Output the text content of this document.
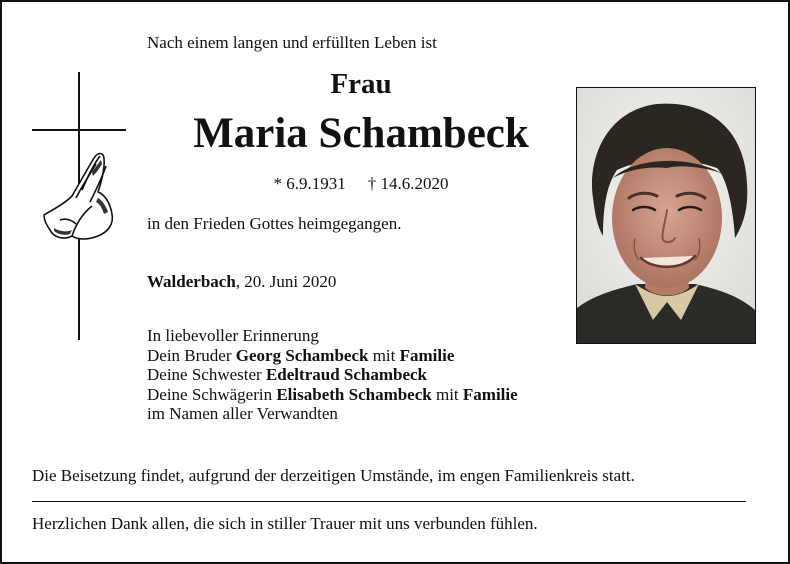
Nach einem langen und erfüllten Leben ist
Frau
Maria Schambeck
* 6.9.1931 † 14.6.2020
in den Frieden Gottes heimgegangen.
Walderbach, 20. Juni 2020
In liebevoller Erinnerung
Dein Bruder Georg Schambeck mit Familie
Deine Schwester Edeltraud Schambeck
Deine Schwägerin Elisabeth Schambeck mit Familie
im Namen aller Verwandten
Die Beisetzung findet, aufgrund der derzeitigen Umstände, im engen Familienkreis statt.
Herzlichen Dank allen, die sich in stiller Trauer mit uns verbunden fühlen.
